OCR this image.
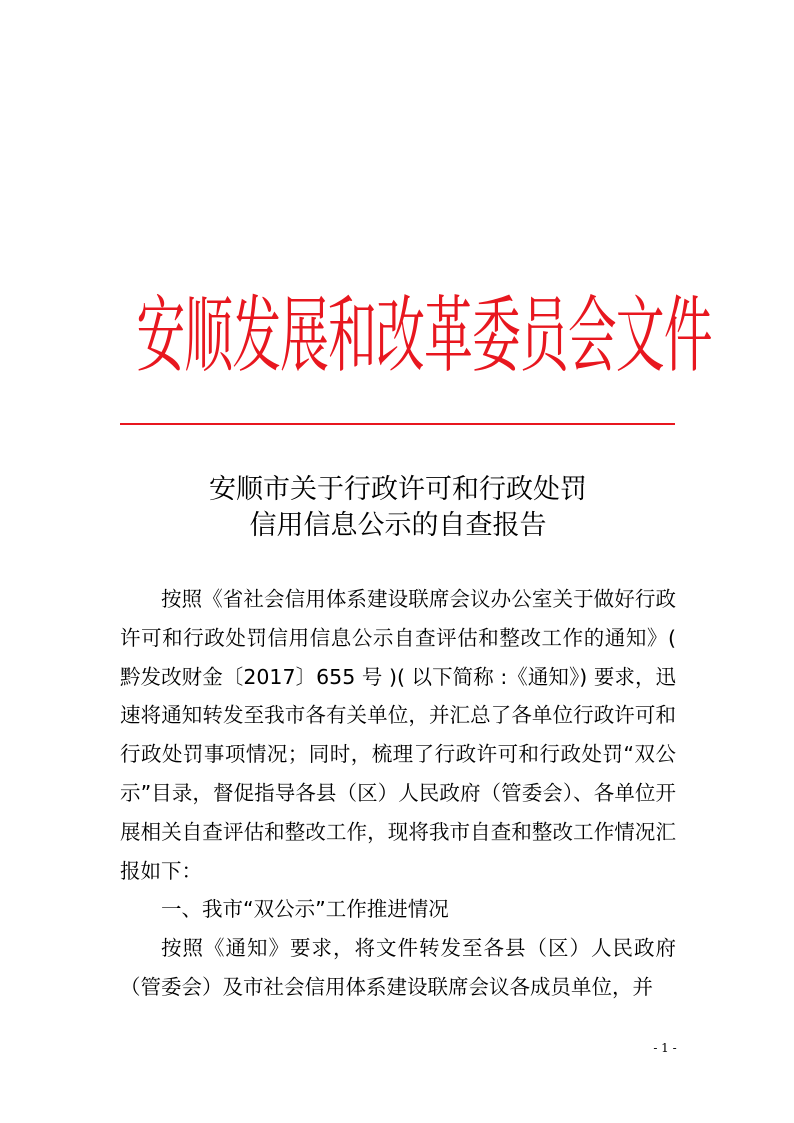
安顺发展和改革委员会文件
安顺市关于行政许可和行政处罚
信用信息公示的自查报告

按照《省社会信用体系建设联席会议办公室关于做好行政许可和行政处罚信用信息公示自查评估和整改工作的通知》( 黔发改财金〔2017〕655 号 )( 以下简称 :《通知》) 要求，迅速将通知转发至我市各有关单位，并汇总了各单位行政许可和行政处罚事项情况；同时，梳理了行政许可和行政处罚“双公示”目录，督促指导各县（区）人民政府（管委会）、各单位开展相关自查评估和整改工作，现将我市自查和整改工作情况汇报如下：

一、我市“双公示”工作推进情况

按照《通知》要求，将文件转发至各县（区）人民政府（管委会）及市社会信用体系建设联席会议各成员单位，并

- 1 -
